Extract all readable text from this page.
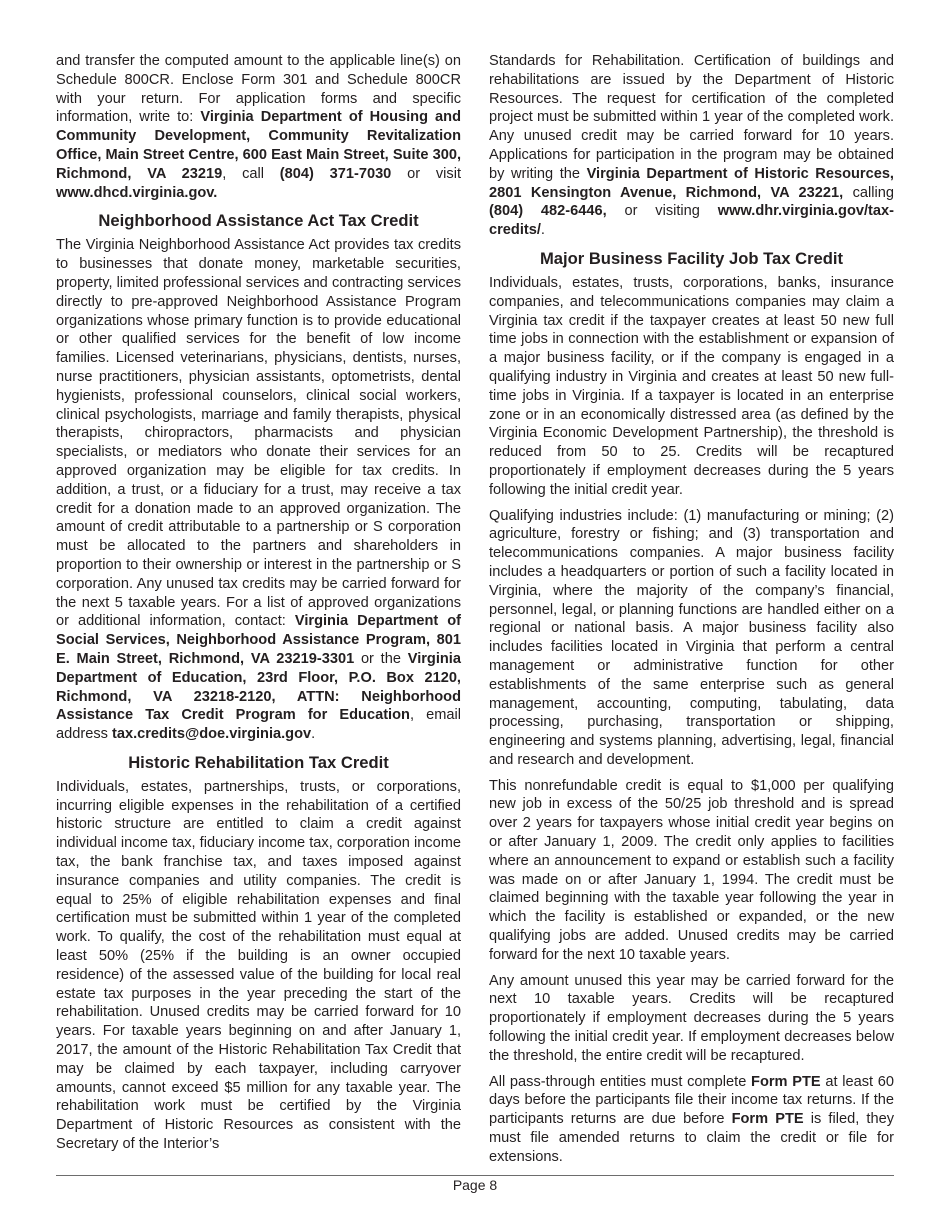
and transfer the computed amount to the applicable line(s) on Schedule 800CR. Enclose Form 301 and Schedule 800CR with your return. For application forms and specific information, write to: Virginia Department of Housing and Community Development, Community Revitalization Office, Main Street Centre, 600 East Main Street, Suite 300, Richmond, VA 23219, call (804) 371-7030 or visit www.dhcd.virginia.gov.

Neighborhood Assistance Act Tax Credit

The Virginia Neighborhood Assistance Act provides tax credits to businesses that donate money, marketable securities, property, limited professional services and contracting services directly to pre-approved Neighborhood Assistance Program organizations whose primary function is to provide educational or other qualified services for the benefit of low income families. Licensed veterinarians, physicians, dentists, nurses, nurse practitioners, physician assistants, optometrists, dental hygienists, professional counselors, clinical social workers, clinical psychologists, marriage and family therapists, physical therapists, chiropractors, pharmacists and physician specialists, or mediators who donate their services for an approved organization may be eligible for tax credits. In addition, a trust, or a fiduciary for a trust, may receive a tax credit for a donation made to an approved organization. The amount of credit attributable to a partnership or S corporation must be allocated to the partners and shareholders in proportion to their ownership or interest in the partnership or S corporation. Any unused tax credits may be carried forward for the next 5 taxable years. For a list of approved organizations or additional information, contact: Virginia Department of Social Services, Neighborhood Assistance Program, 801 E. Main Street, Richmond, VA 23219-3301 or the Virginia Department of Education, 23rd Floor, P.O. Box 2120, Richmond, VA 23218-2120, ATTN: Neighborhood Assistance Tax Credit Program for Education, email address tax.credits@doe.virginia.gov.

Historic Rehabilitation Tax Credit

Individuals, estates, partnerships, trusts, or corporations, incurring eligible expenses in the rehabilitation of a certified historic structure are entitled to claim a credit against individual income tax, fiduciary income tax, corporation income tax, the bank franchise tax, and taxes imposed against insurance companies and utility companies. The credit is equal to 25% of eligible rehabilitation expenses and final certification must be submitted within 1 year of the completed work. To qualify, the cost of the rehabilitation must equal at least 50% (25% if the building is an owner occupied residence) of the assessed value of the building for local real estate tax purposes in the year preceding the start of the rehabilitation. Unused credits may be carried forward for 10 years. For taxable years beginning on and after January 1, 2017, the amount of the Historic Rehabilitation Tax Credit that may be claimed by each taxpayer, including carryover amounts, cannot exceed $5 million for any taxable year. The rehabilitation work must be certified by the Virginia Department of Historic Resources as consistent with the Secretary of the Interior’s

Standards for Rehabilitation. Certification of buildings and rehabilitations are issued by the Department of Historic Resources. The request for certification of the completed project must be submitted within 1 year of the completed work. Any unused credit may be carried forward for 10 years. Applications for participation in the program may be obtained by writing the Virginia Department of Historic Resources, 2801 Kensington Avenue, Richmond, VA 23221, calling (804) 482-6446, or visiting www.dhr.virginia.gov/tax-credits/.

Major Business Facility Job Tax Credit

Individuals, estates, trusts, corporations, banks, insurance companies, and telecommunications companies may claim a Virginia tax credit if the taxpayer creates at least 50 new full time jobs in connection with the establishment or expansion of a major business facility, or if the company is engaged in a qualifying industry in Virginia and creates at least 50 new full-time jobs in Virginia. If a taxpayer is located in an enterprise zone or in an economically distressed area (as defined by the Virginia Economic Development Partnership), the threshold is reduced from 50 to 25. Credits will be recaptured proportionately if employment decreases during the 5 years following the initial credit year.

Qualifying industries include: (1) manufacturing or mining; (2) agriculture, forestry or fishing; and (3) transportation and telecommunications companies. A major business facility includes a headquarters or portion of such a facility located in Virginia, where the majority of the company’s financial, personnel, legal, or planning functions are handled either on a regional or national basis. A major business facility also includes facilities located in Virginia that perform a central management or administrative function for other establishments of the same enterprise such as general management, accounting, computing, tabulating, data processing, purchasing, transportation or shipping, engineering and systems planning, advertising, legal, financial and research and development.

This nonrefundable credit is equal to $1,000 per qualifying new job in excess of the 50/25 job threshold and is spread over 2 years for taxpayers whose initial credit year begins on or after January 1, 2009. The credit only applies to facilities where an announcement to expand or establish such a facility was made on or after January 1, 1994. The credit must be claimed beginning with the taxable year following the year in which the facility is established or expanded, or the new qualifying jobs are added. Unused credits may be carried forward for the next 10 taxable years.

Any amount unused this year may be carried forward for the next 10 taxable years. Credits will be recaptured proportionately if employment decreases during the 5 years following the initial credit year. If employment decreases below the threshold, the entire credit will be recaptured.

All pass-through entities must complete Form PTE at least 60 days before the participants file their income tax returns. If the participants returns are due before Form PTE is filed, they must file amended returns to claim the credit or file for extensions.

Page 8
